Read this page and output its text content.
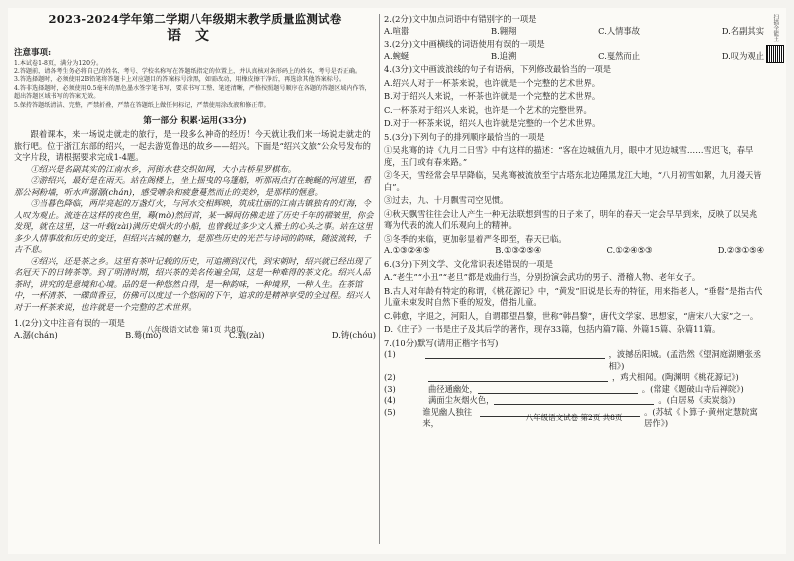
2023-2024学年第二学期八年级期末教学质量监测试卷
语文
注意事项:

1.本试卷1-8页，满分为120分。

2.答题前，请各考生务必将自己的姓名、考号、学校名称写在答题纸指定的位置上，并认真核对条形码上的姓名、考号是否正确。

3.答选择题时，必须使用2B铅笔将答题卡上对应题目的答案标号涂黑，如需改动，用橡皮擦干净后，再选涂其他答案标号。

4.答非选择题时，必须使用0.5毫米的黑色墨水签字笔书写，要求书写工整、笔迹清晰，严格按照题号顺序在各题的答题区域内作答，超出答题区域书写的答案无效。

5.保持答题纸清洁、完整，严禁折叠，严禁在答题纸上做任何标记，严禁使用涂改液和修正带。

第一部分 积累·运用(33分)

跟着课本，来一场说走就走的旅行，是一段多么神奇的经历！今天就让我们来一场说走就走的旅行吧。位于浙江东部的绍兴，一起去游览鲁迅的故乡——绍兴。下面是“绍兴文旅”公众号发布的文字片段，请根据要求完成1-4题。

①绍兴是名副其实的江南水乡，河街水巷交织如网，大小古桥星罗棋布。

②游绍兴，最好是在雨天。站在阁楼上，坐上摇曳的乌篷船，听那雨点打在蜿蜒的河道里，看那公祠粉墙，听水声潺潺(chán)，感受嘈杂和疲惫蔓然而止的美妙，是那样的惬意。

③当暮色降临，两岸亮起的万盏灯火，与河水交相辉映，筑成壮丽的江南古镇独有的灯海，令人叹为观止。流连在这样的夜色里，蓦(mò)然回首，某一瞬间仿佛走进了历史千年的褶皱里，你会发现，就在这里，这一叶载(zài)满历史烟火的小船，也曾载过多少文人雅士的心头之事。站在这里多少人情事故和历史的变迁，但绍兴古城的魅力，是那些历史的光芒与诗词的韵味，随波流转，千古不息。

④绍兴，还是茶之乡。这里有茶叶记载的历史，可追溯到汉代，到宋朝时，绍兴就已经出现了名冠天下的日铸茶等。到了明清时期，绍兴茶的美名传遍全国，这是一种难得的茶文化。绍兴人品茶时，讲究的是意境和心境。品的是一种悠然自得，是一种韵味，一种境界，一种人生。在茶馆中，一杯清茶、一碟茴香豆，仿佛可以度过一个悠闲的下午，追求的是精神享受的全过程。绍兴人对于一杯茶来说，也许就是一个完整的艺术世界。

1.(2分)文中注音有误的一项是

A.潺(chán)	B.蓦(mò)	C.载(zài)	D.铸(chóu)
八年级语文试卷 第1页 共8页

2.(2分)文中加点词语中有错别字的一项是

A.喧嚣	B.翱翔	C.人情事故	D.名副其实

3.(2分)文中画横线的词语使用有误的一项是

A.蜿蜒	B.追溯	C.戛然而止	D.叹为观止

4.(3分)文中画波浪线的句子有语病，下列修改最恰当的一项是

A.绍兴人对于一杯茶来说，也许就是一个完整的艺术世界。

B.对于绍兴人来说，一杯茶也许就是一个完整的艺术世界。

C.一杯茶对于绍兴人来说，也许是一个艺术的完整世界。

D.对于一杯茶来说，绍兴人也许就是完整的一个艺术世界。

5.(3分)下列句子的排列顺序最恰当的一项是

①吴兆骞的诗《九月二日雪》中有这样的描述：“客在边城值九月，眼中才见边城雪……雪迟飞，春早度，玉门或有春来路。”

②冬天，雪经常会早早降临，吴兆骞被流放至宁古塔东北边陲黑龙江大地，“八月初雪如絮，九月漫天皆白”。

③过去，九、十月飘雪司空见惯。

④秋天飘雪往往会让人产生一种无法联想到雪的日子来了，明年的春天一定会早早到来，反映了以吴兆骞为代表的流人们乐观向上的精神。

⑤冬季的来临，更加彰显着严冬即至，春天已临。

A.①③②④⑤	B.①③②⑤④	C.①②④⑤③	D.②③①⑤④

6.(3分)下列文学、文化常识表述错误的一项是

A.“老生”“小丑”“老旦”都是戏曲行当，分别扮演会武功的男子、滑稽人物、老年女子。

B.古人对年龄有特定的称谓，《桃花源记》中，“黄发”旧说是长寿的特征，用来指老人，“垂髫”是指古代儿童未束发时自然下垂的短发，借指儿童。

C.韩愈，字退之，河阳人，自谓郡望昌黎，世称“韩昌黎”，唐代文学家、思想家，“唐宋八大家”之一。

D.《庄子》一书是庄子及其后学的著作，现存33篇，包括内篇7篇、外篇15篇、杂篇11篇。

7.(10分)默写(请用正楷字书写)

(1)	，波撼岳阳城。(孟浩然《望洞庭湖赠张丞相》)
(2)	，鸡犬相闻。(陶渊明《桃花源记》)
(3)	曲径通幽处，	。(常建《题破山寺后禅院》)
(4)	满面尘灰烟火色，	。(白居易《卖炭翁》)
(5)	谁见幽人独往来，
。(苏轼《卜算子·黄州定慧院寓居作》)
八年级语文试卷 第2页 共8页
扫描全能王
